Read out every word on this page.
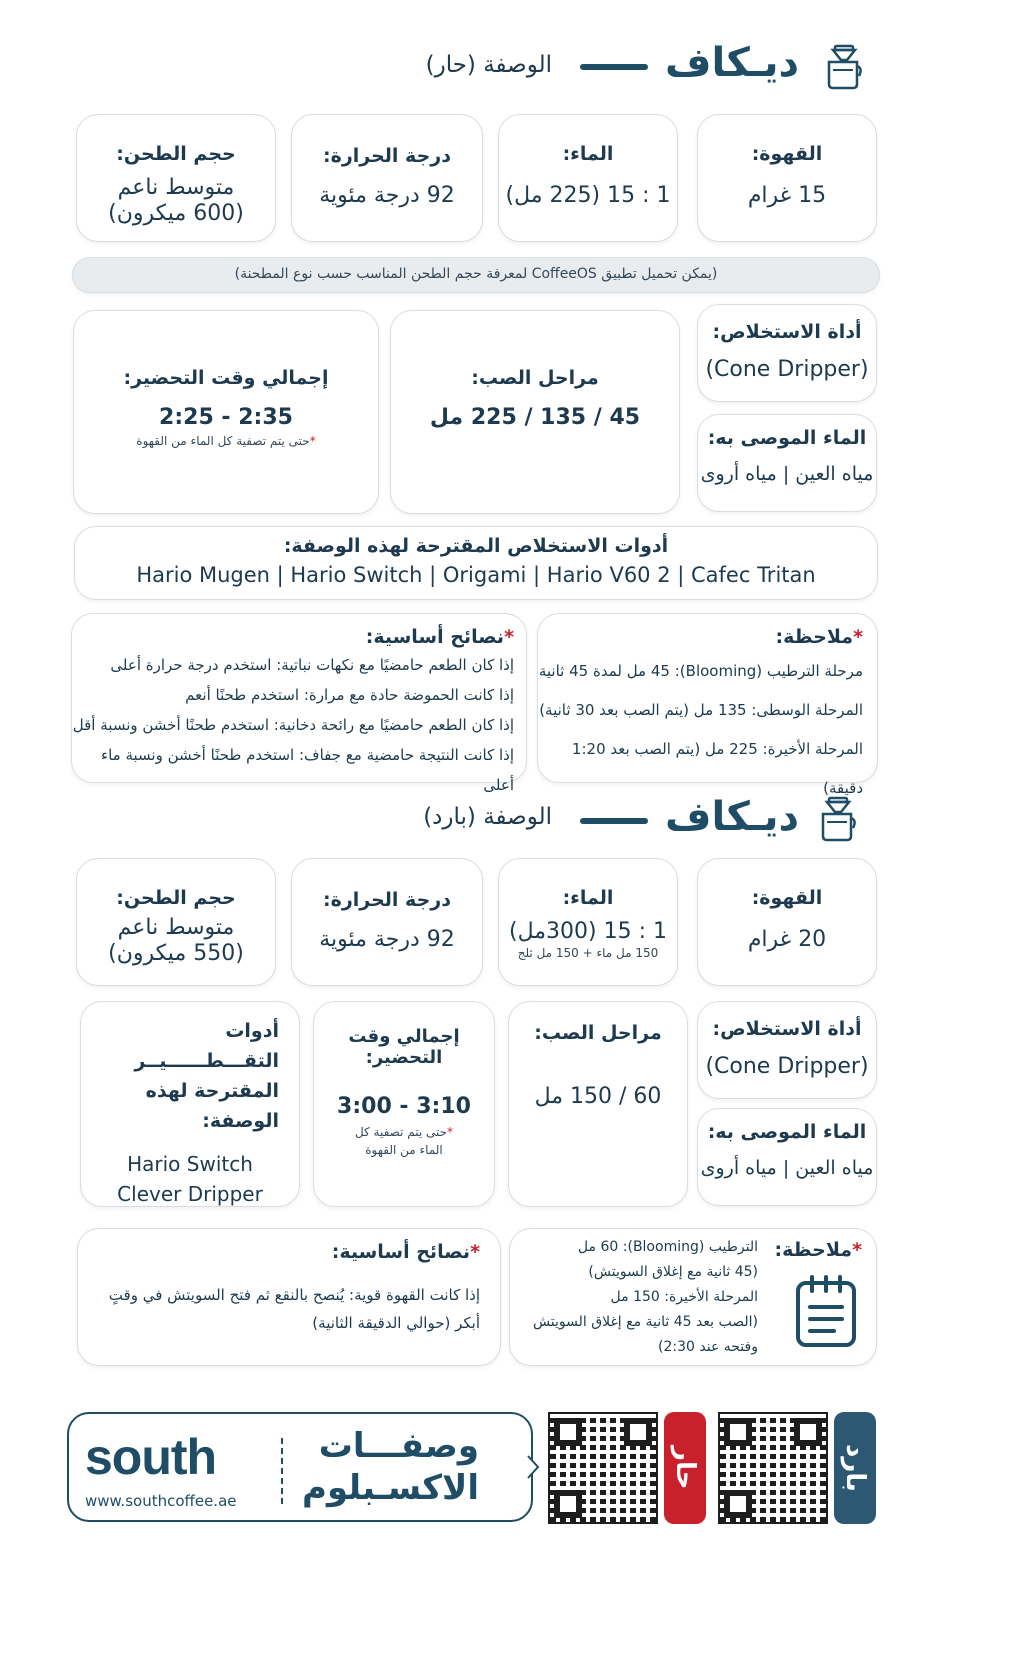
ديـكاف
الوصفة (حار)
القهوة:
15 غرام
الماء:
1 : 15 (225 مل)
درجة الحرارة:
92 درجة مئوية
حجم الطحن:
متوسط ناعم (600 ميكرون)
(يمكن تحميل تطبيق CoffeeOS لمعرفة حجم الطحن المناسب حسب نوع المطحنة)
أداة الاستخلاص:
(Cone Dripper)
الماء الموصى به:
مياه العين | مياه أروى
مراحل الصب:
45 / 135 / 225 مل
إجمالي وقت التحضير:
2:25 - 2:35
*حتى يتم تصفية كل الماء من القهوة
أدوات الاستخلاص المقترحة لهذه الوصفة:
Hario Mugen | Hario Switch | Origami | Hario V60 2 | Cafec Tritan
*ملاحظة:
مرحلة الترطيب (Blooming): 45 مل لمدة 45 ثانية
المرحلة الوسطى: 135 مل (يتم الصب بعد 30 ثانية)
المرحلة الأخيرة: 225 مل (يتم الصب بعد 1:20 دقيقة)
*نصائح أساسية:
إذا كان الطعم حامضيًا مع نكهات نباتية: استخدم درجة حرارة أعلى
إذا كانت الحموضة حادة مع مرارة: استخدم طحنًا أنعم
إذا كان الطعم حامضيًا مع رائحة دخانية: استخدم طحنًا أخشن ونسبة أقل
إذا كانت النتيجة حامضية مع جفاف: استخدم طحنًا أخشن ونسبة ماء أعلى
ديـكاف
الوصفة (بارد)
القهوة:
20 غرام
الماء:
1 : 15 (300مل)
150 مل ماء + 150 مل ثلج
درجة الحرارة:
92 درجة مئوية
حجم الطحن:
متوسط ناعم (550 ميكرون)
أداة الاستخلاص:
(Cone Dripper)
الماء الموصى به:
مياه العين | مياه أروى
مراحل الصب:
60 / 150 مل
إجمالي وقت التحضير:
3:00 - 3:10
*حتى يتم تصفية كل الماء من القهوة
أدوات التقـــطــــــيــر المقترحة لهذه الوصفة:
Hario Switch
Clever Dripper
*ملاحظة:
الترطيب (Blooming): 60 مل
(45 ثانية مع إغلاق السويتش)
المرحلة الأخيرة: 150 مل
(الصب بعد 45 ثانية مع إغلاق السويتش
وفتحه عند 2:30)
*نصائح أساسية:
إذا كانت القهوة قوية: يُنصح بالنقع ثم فتح السويتش في وقتٍ
أبكر (حوالي الدقيقة الثانية)
بارد
حار
وصفـــات
الاكسـبلوم
south
www.southcoffee.ae
